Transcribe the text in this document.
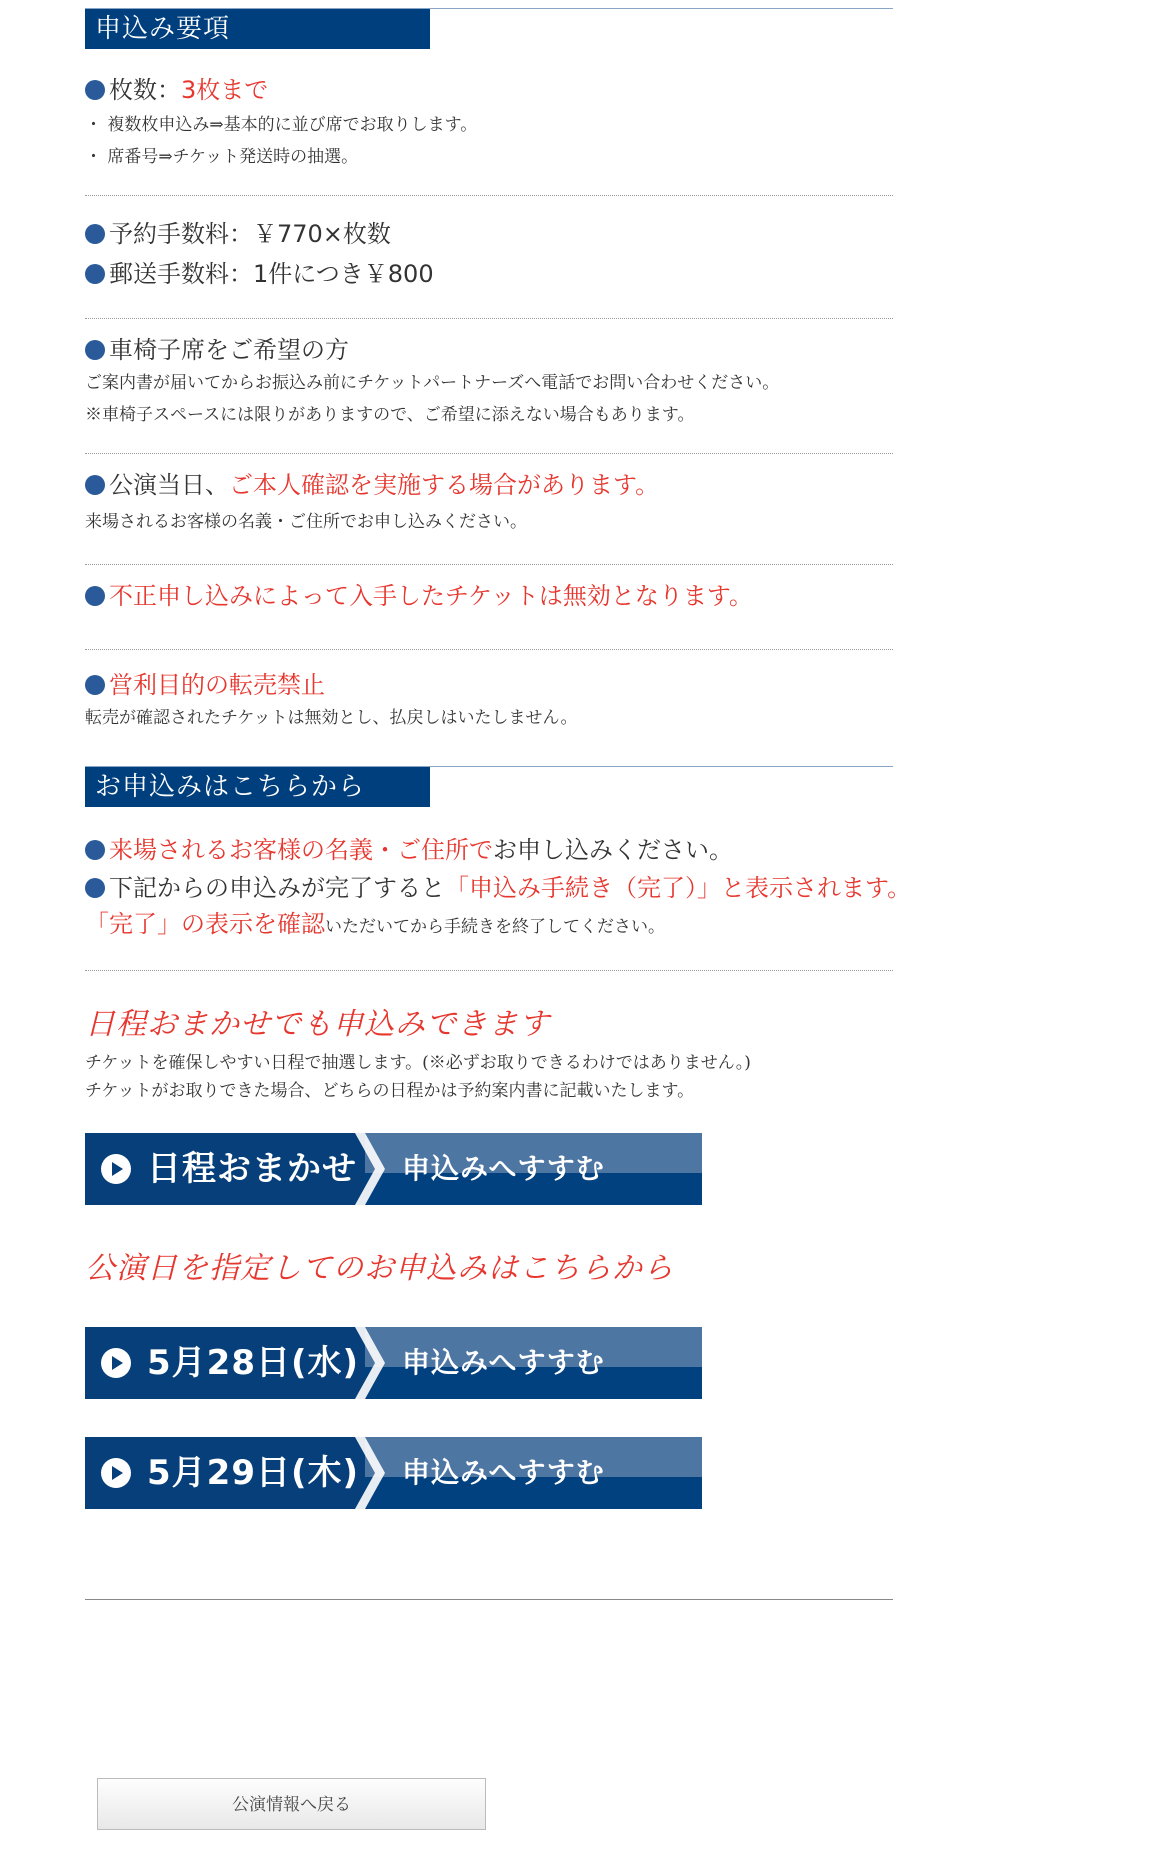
申込み要項
枚数：3枚まで
・ 複数枚申込み⇒基本的に並び席でお取りします。
・ 席番号⇒チケット発送時の抽選。
予約手数料：￥770×枚数
郵送手数料：1件につき￥800
車椅子席をご希望の方
ご案内書が届いてからお振込み前にチケットパートナーズへ電話でお問い合わせください。
※車椅子スペースには限りがありますので、ご希望に添えない場合もあります。
公演当日、ご本人確認を実施する場合があります。
来場されるお客様の名義・ご住所でお申し込みください。
不正申し込みによって入手したチケットは無効となります。
営利目的の転売禁止
転売が確認されたチケットは無効とし、払戻しはいたしません。
お申込みはこちらから
来場されるお客様の名義・ご住所でお申し込みください。
下記からの申込みが完了すると「申込み手続き（完了）」と表示されます。
「完了」の表示を確認いただいてから手続きを終了してください。
日程おまかせでも申込みできます
チケットを確保しやすい日程で抽選します。(※必ずお取りできるわけではありません。)
チケットがお取りできた場合、どちらの日程かは予約案内書に記載いたします。
日程おまかせ 申込みへすすむ
公演日を指定してのお申込みはこちらから
5月28日(水) 申込みへすすむ
5月29日(木) 申込みへすすむ
公演情報へ戻る
